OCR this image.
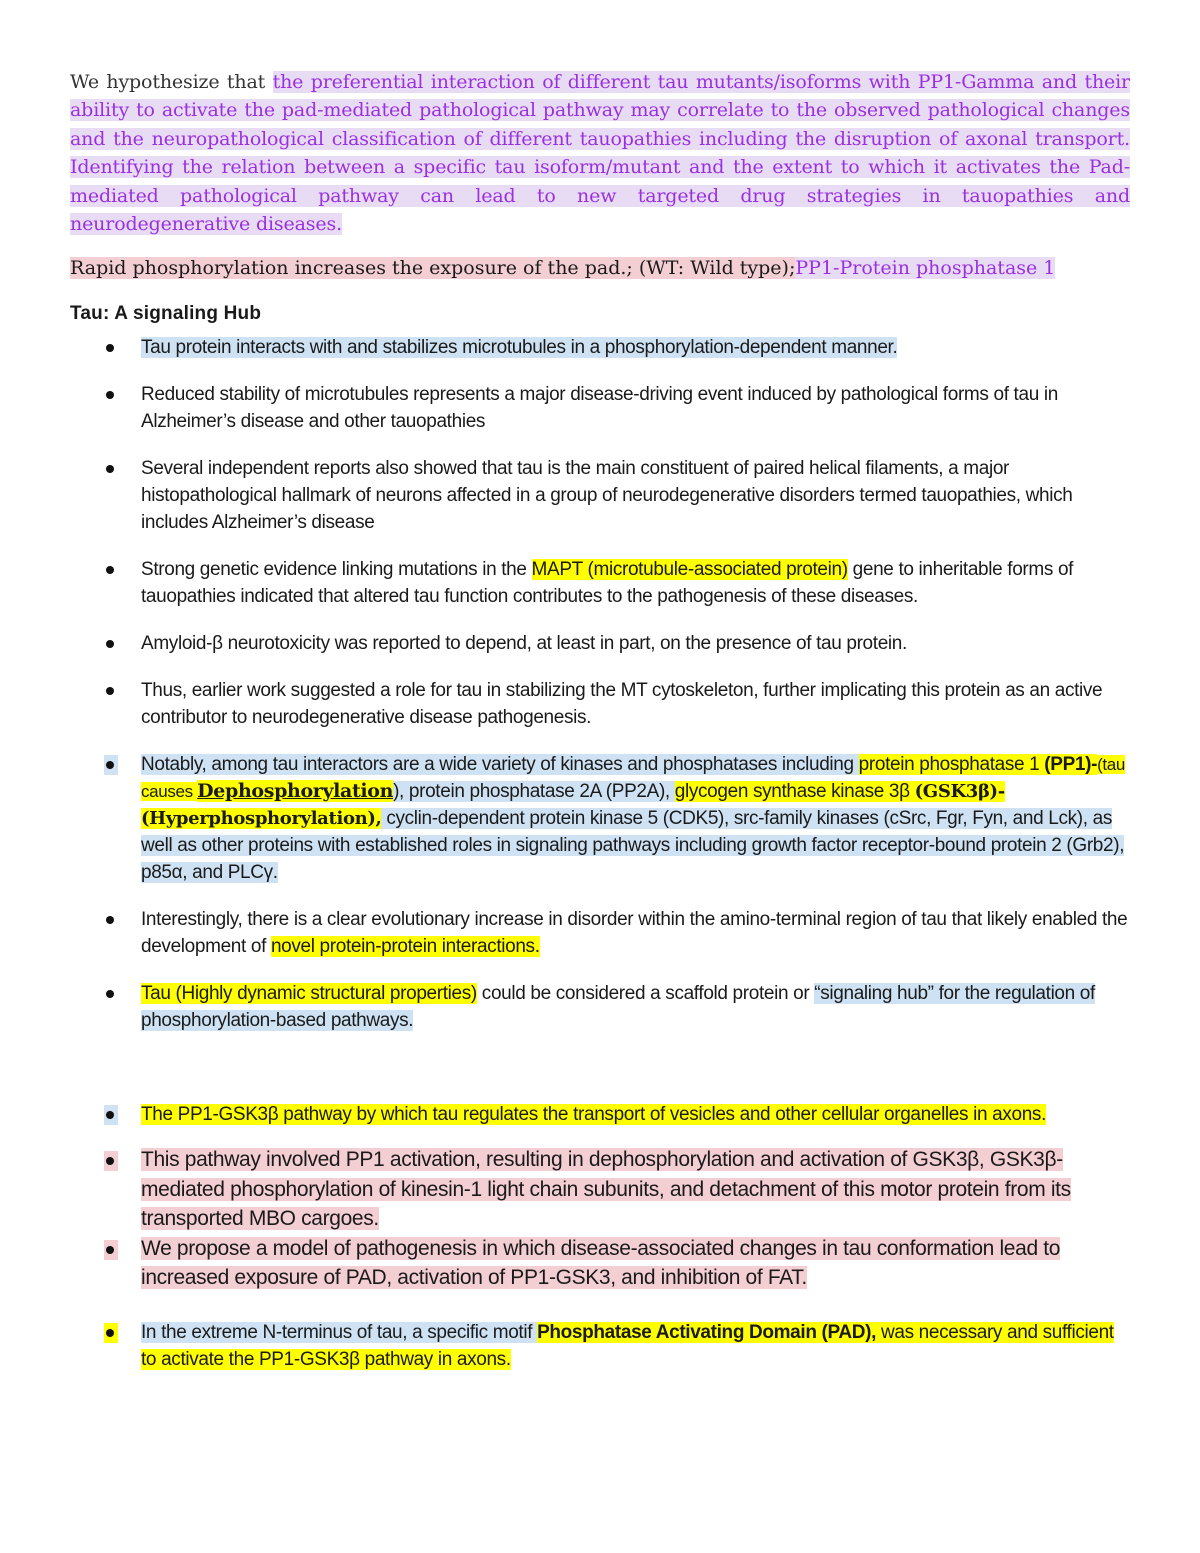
We hypothesize that the preferential interaction of different tau mutants/isoforms with PP1-Gamma and their ability to activate the pad-mediated pathological pathway may correlate to the observed pathological changes and the neuropathological classification of different tauopathies including the disruption of axonal transport. Identifying the relation between a specific tau isoform/mutant and the extent to which it activates the Pad-mediated pathological pathway can lead to new targeted drug strategies in tauopathies and neurodegenerative diseases.

Rapid phosphorylation increases the exposure of the pad.; (WT: Wild type);PP1-Protein phosphatase 1
Tau: A signaling Hub
Tau protein interacts with and stabilizes microtubules in a phosphorylation-dependent manner.
Reduced stability of microtubules represents a major disease-driving event induced by pathological forms of tau in Alzheimer’s disease and other tauopathies
Several independent reports also showed that tau is the main constituent of paired helical filaments, a major histopathological hallmark of neurons affected in a group of neurodegenerative disorders termed tauopathies, which includes Alzheimer’s disease
Strong genetic evidence linking mutations in the MAPT (microtubule-associated protein) gene to inheritable forms of tauopathies indicated that altered tau function contributes to the pathogenesis of these diseases.
Amyloid-β neurotoxicity was reported to depend, at least in part, on the presence of tau protein.
Thus, earlier work suggested a role for tau in stabilizing the MT cytoskeleton, further implicating this protein as an active contributor to neurodegenerative disease pathogenesis.
Notably, among tau interactors are a wide variety of kinases and phosphatases including protein phosphatase 1 (PP1)-(tau causes Dephosphorylation), protein phosphatase 2A (PP2A), glycogen synthase kinase 3β (GSK3β)-(Hyperphosphorylation), cyclin-dependent protein kinase 5 (CDK5), src-family kinases (cSrc, Fgr, Fyn, and Lck), as well as other proteins with established roles in signaling pathways including growth factor receptor-bound protein 2 (Grb2), p85α, and PLCγ.
Interestingly, there is a clear evolutionary increase in disorder within the amino-terminal region of tau that likely enabled the development of novel protein-protein interactions.
Tau (Highly dynamic structural properties) could be considered a scaffold protein or “signaling hub” for the regulation of phosphorylation-based pathways.
The PP1-GSK3β pathway by which tau regulates the transport of vesicles and other cellular organelles in axons.
This pathway involved PP1 activation, resulting in dephosphorylation and activation of GSK3β, GSK3β-mediated phosphorylation of kinesin-1 light chain subunits, and detachment of this motor protein from its transported MBO cargoes.
We propose a model of pathogenesis in which disease-associated changes in tau conformation lead to increased exposure of PAD, activation of PP1-GSK3, and inhibition of FAT.
In the extreme N-terminus of tau, a specific motif Phosphatase Activating Domain (PAD), was necessary and sufficient to activate the PP1-GSK3β pathway in axons.
